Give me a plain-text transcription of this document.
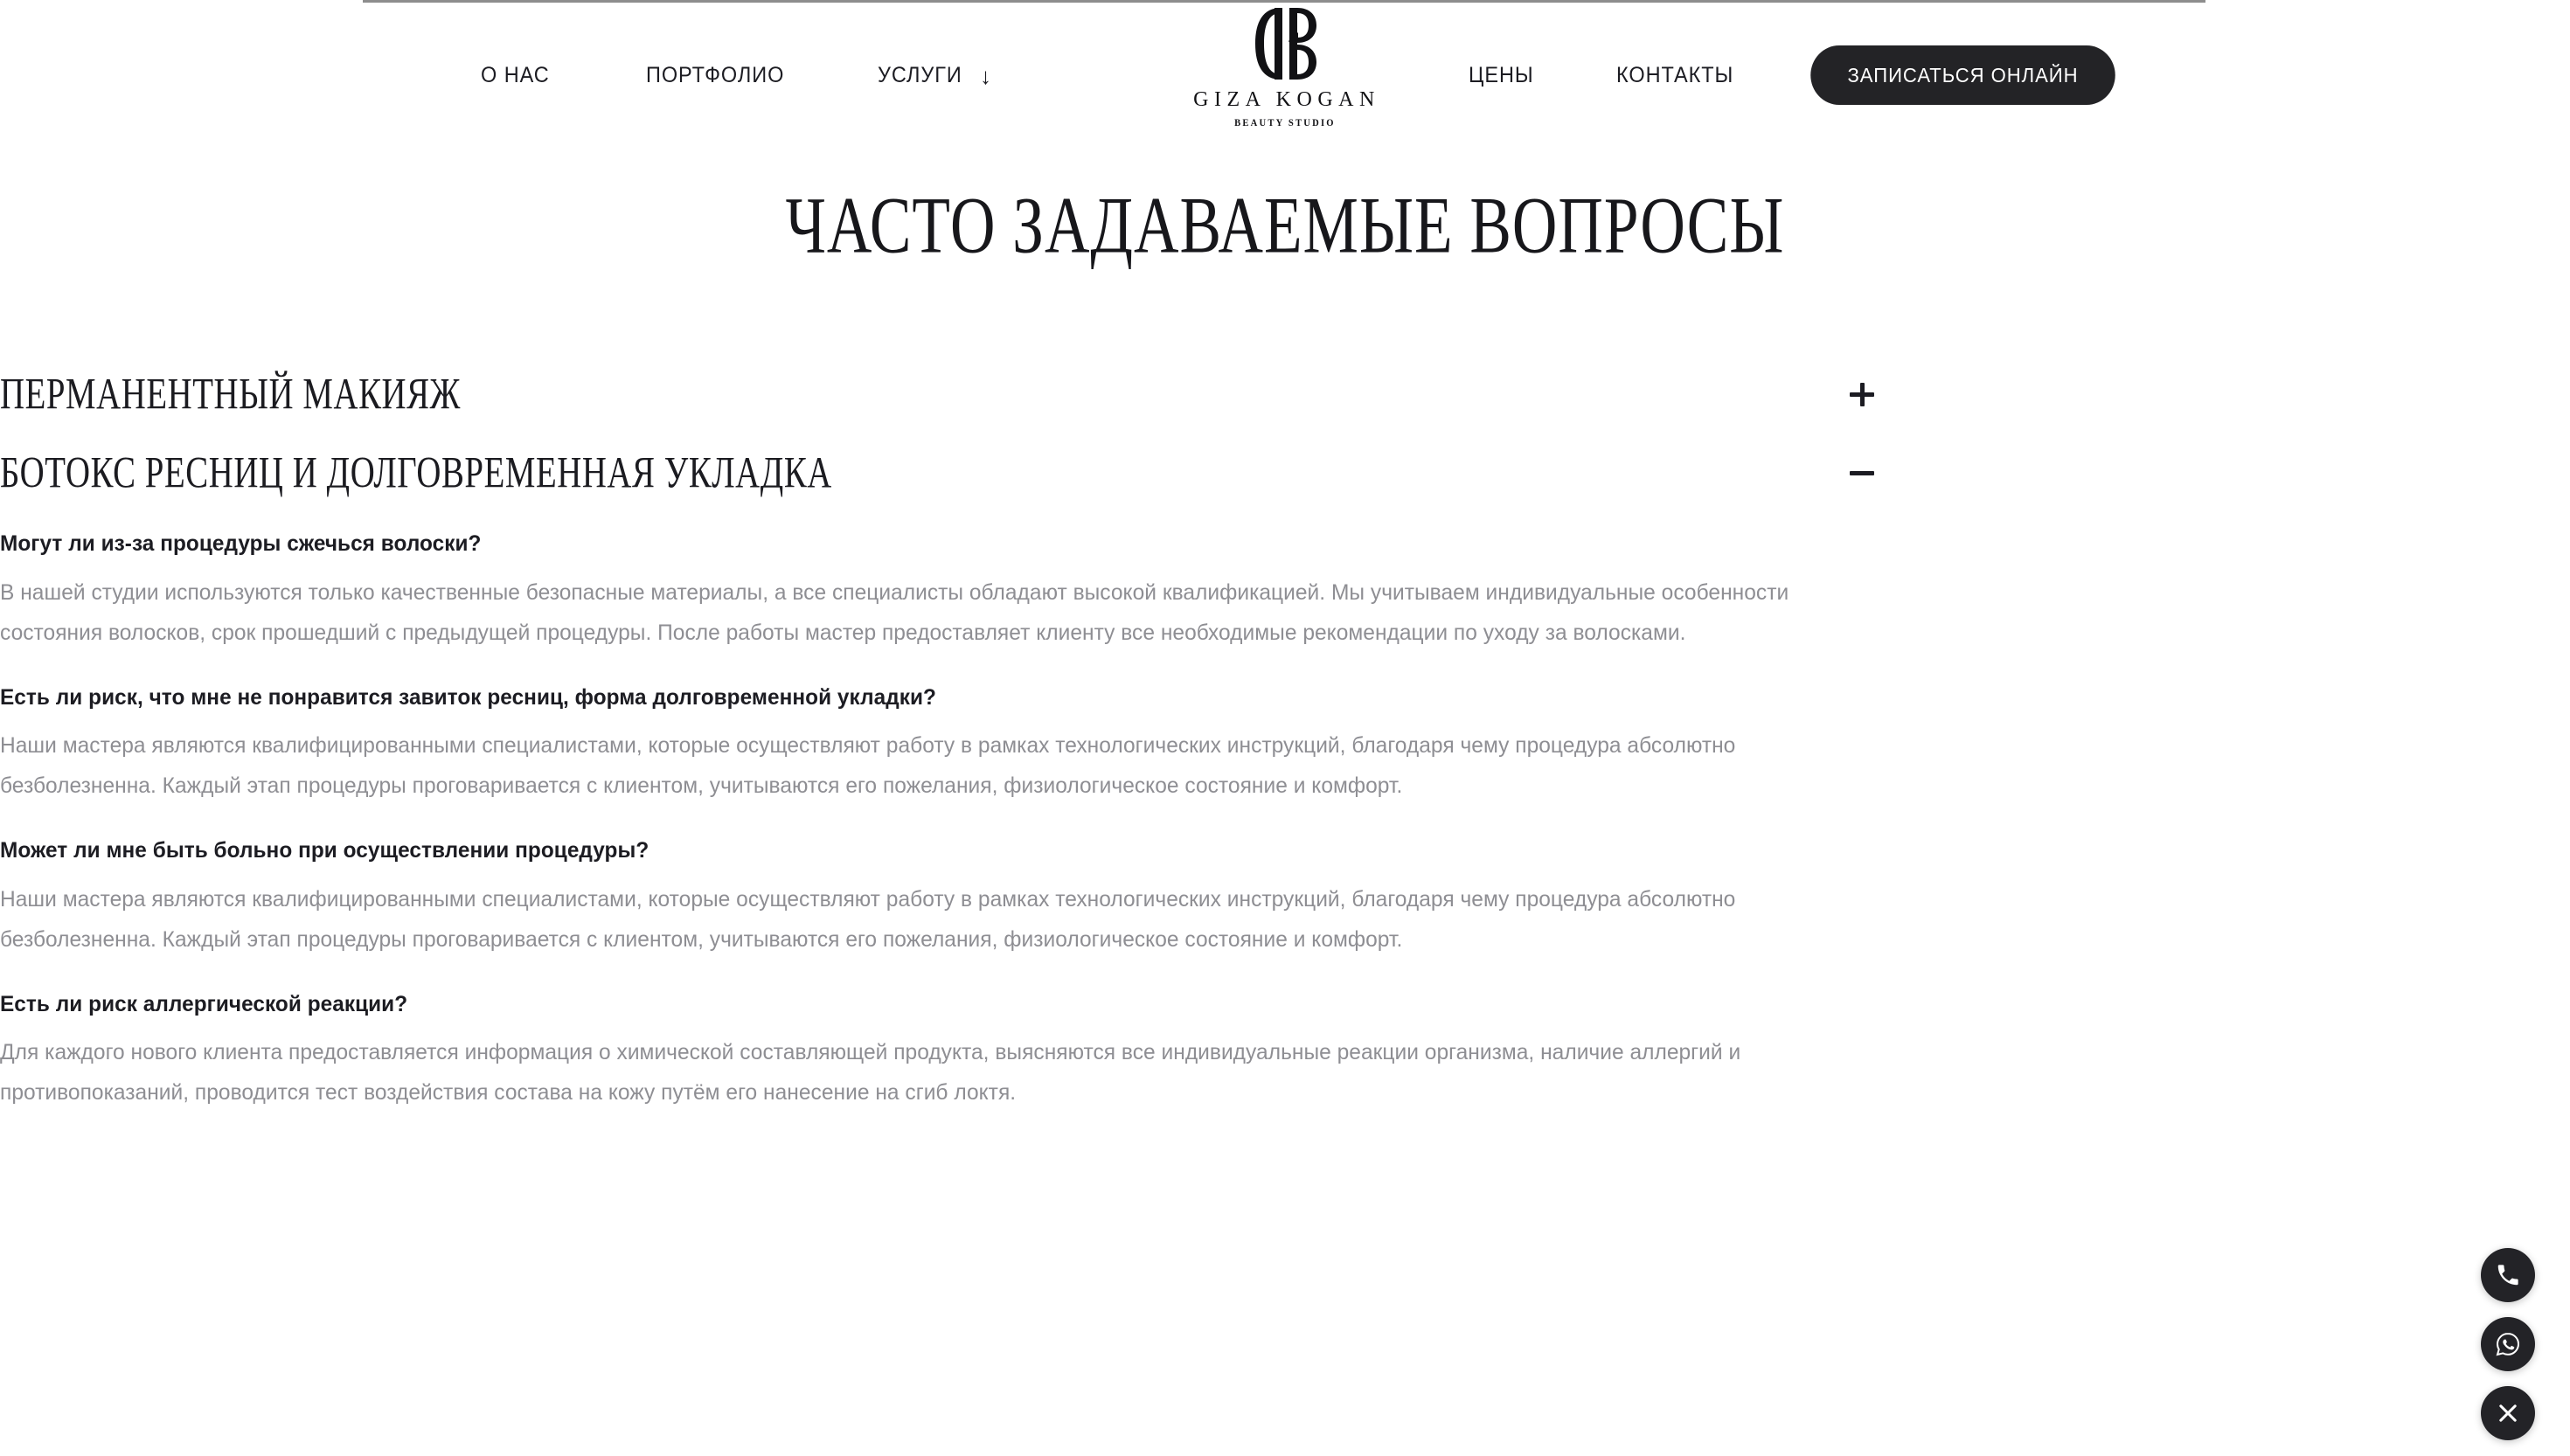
О НАС	ПОРТФОЛИО	УСЛУГИ ↓
GIZA KOGAN
BEAUTY STUDIO
ЦЕНЫ	КОНТАКТЫ	ЗАПИСАТЬСЯ ОНЛАЙН
ЧАСТО ЗАДАВАЕМЫЕ ВОПРОСЫ
ПЕРМАНЕНТНЫЙ МАКИЯЖ
БОТОКС РЕСНИЦ И ДОЛГОВРЕМЕННАЯ УКЛАДКА
Могут ли из-за процедуры сжечься волоски?

В нашей студии используются только качественные безопасные материалы, а все специалисты обладают высокой квалификацией. Мы учитываем индивидуальные особенности состояния волосков, срок прошедший с предыдущей процедуры. После работы мастер предоставляет клиенту все необходимые рекомендации по уходу за волосками.

Есть ли риск, что мне не понравится завиток ресниц, форма долговременной укладки?

Наши мастера являются квалифицированными специалистами, которые осуществляют работу в рамках технологических инструкций, благодаря чему процедура абсолютно безболезненна. Каждый этап процедуры проговаривается с клиентом, учитываются его пожелания, физиологическое состояние и комфорт.

Может ли мне быть больно при осуществлении процедуры?

Наши мастера являются квалифицированными специалистами, которые осуществляют работу в рамках технологических инструкций, благодаря чему процедура абсолютно безболезненна. Каждый этап процедуры проговаривается с клиентом, учитываются его пожелания, физиологическое состояние и комфорт.

Есть ли риск аллергической реакции?

Для каждого нового клиента предоставляется информация о химической составляющей продукта, выясняются все индивидуальные реакции организма, наличие аллергий и противопоказаний, проводится тест воздействия состава на кожу путём его нанесение на сгиб локтя.
